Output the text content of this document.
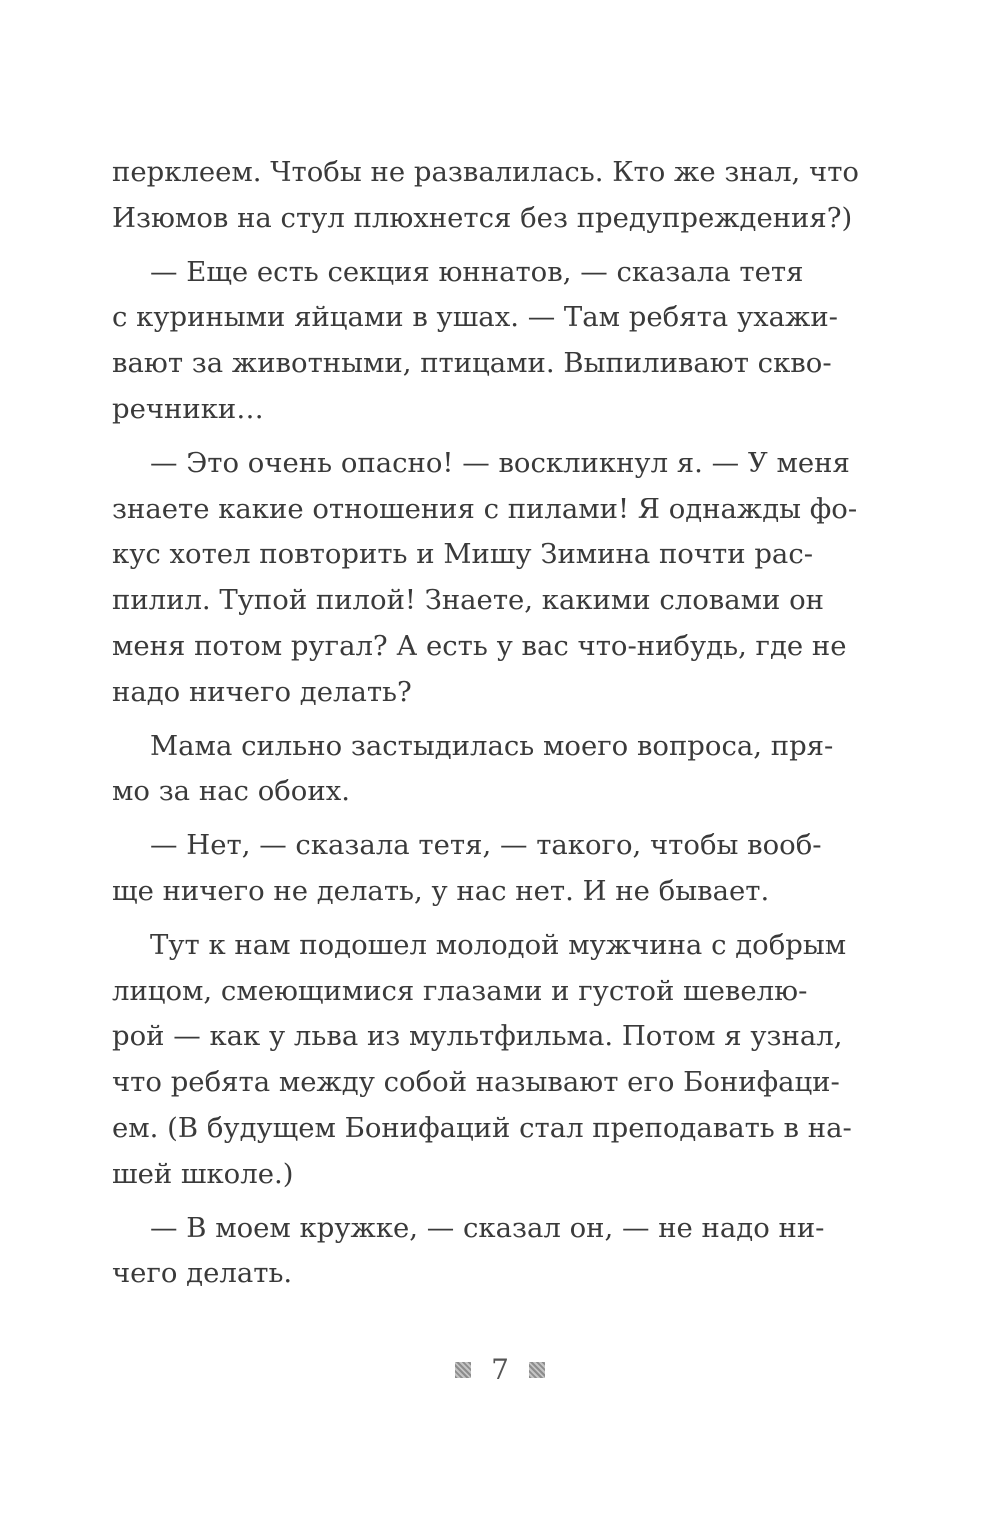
перклеем. Чтобы не развалилась. Кто же знал, что
Изюмов на стул плюхнется без предупреждения?)
— Еще есть секция юннатов, — сказала тетя
с куриными яйцами в ушах. — Там ребята ухажи-
вают за животными, птицами. Выпиливают скво-
речники…
— Это очень опасно! — воскликнул я. — У меня
знаете какие отношения с пилами! Я однажды фо-
кус хотел повторить и Мишу Зимина почти рас-
пилил. Тупой пилой! Знаете, какими словами он
меня потом ругал? А есть у вас что-нибудь, где не
надо ничего делать?
Мама сильно застыдилась моего вопроса, пря-
мо за нас обоих.
— Нет, — сказала тетя, — такого, чтобы вооб-
ще ничего не делать, у нас нет. И не бывает.
Тут к нам подошел молодой мужчина с добрым
лицом, смеющимися глазами и густой шевелю-
рой — как у льва из мультфильма. Потом я узнал,
что ребята между собой называют его Бонифаци-
ем. (В будущем Бонифаций стал преподавать в на-
шей школе.)
— В моем кружке, — сказал он, — не надо ни-
чего делать.
7
